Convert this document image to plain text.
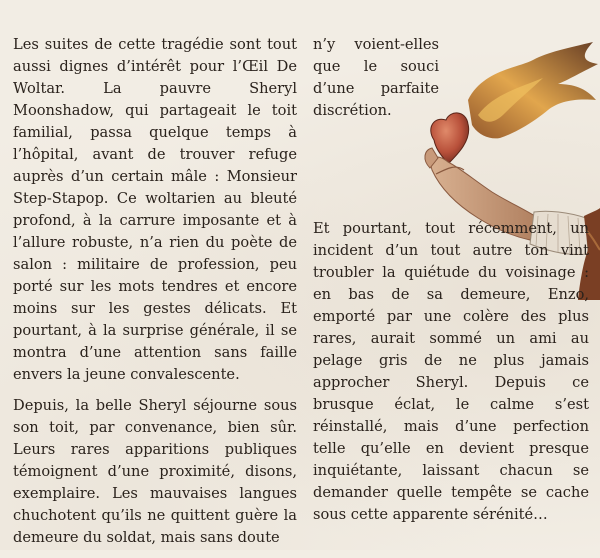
Les suites de cette tragédie sont tout aussi dignes d’intérêt pour l’Œil De Woltar. La pauvre Sheryl Moonshadow, qui partageait le toit familial, passa quelque temps à l’hôpital, avant de trouver refuge auprès d’un certain mâle : Monsieur Step-Stapop. Ce woltarien au bleuté profond, à la carrure imposante et à l’allure robuste, n’a rien du poète de salon : militaire de profession, peu porté sur les mots tendres et encore moins sur les gestes délicats. Et pourtant, à la surprise générale, il se montra d’une attention sans faille envers la jeune convalescente.

Depuis, la belle Sheryl séjourne sous son toit, par convenance, bien sûr. Leurs rares apparitions publiques témoignent d’une proximité, disons, exemplaire. Les mauvaises langues chuchotent qu’ils ne quittent guère la demeure du soldat, mais sans doute

n’y voient-elles que le souci d’une parfaite discrétion.

Et pourtant, tout récemment, un incident d’un tout autre ton vint troubler la quiétude du voisinage : en bas de sa demeure, Enzo, emporté par une colère des plus rares, aurait sommé un ami au pelage gris de ne plus jamais approcher Sheryl. Depuis ce brusque éclat, le calme s’est réinstallé, mais d’une perfection telle qu’elle en devient presque inquiétante, laissant chacun se demander quelle tempête se cache sous cette apparente sérénité…
